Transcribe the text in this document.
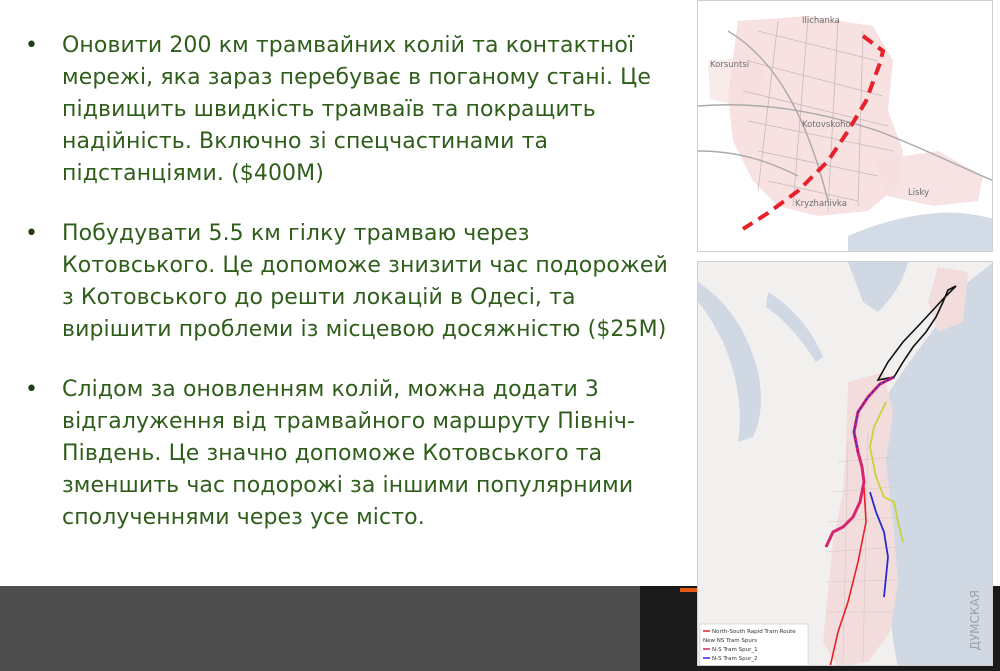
• Оновити 200 км трамвайних колій та контактної мережі, яка зараз перебуває в поганому стані. Це підвищить швидкість трамваїв та покращить надійність. Включно зі спецчастинами та підстанціями. ($400M)
• Побудувати 5.5 км гілку трамваю через Котовського. Це допоможе знизити час подорожей з Котовського до решти локацій в Одесі, та вирішити проблеми із місцевою досяжністю ($25M)
• Слідом за оновленням колій, можна додати 3 відгалуження від трамвайного маршруту Північ-Південь. Це значно допоможе Котовського та зменшить час подорожі за іншими популярними сполученнями через усе місто.
Ilichanka
Korsuntsi
Kotovskoho
Lisky
Kryzhanivka
North-South Rapid Tram Route
New NS Tram Spurs
N-S Tram Spur_1
N-S Tram Spur_2
ДУМСКАЯ
